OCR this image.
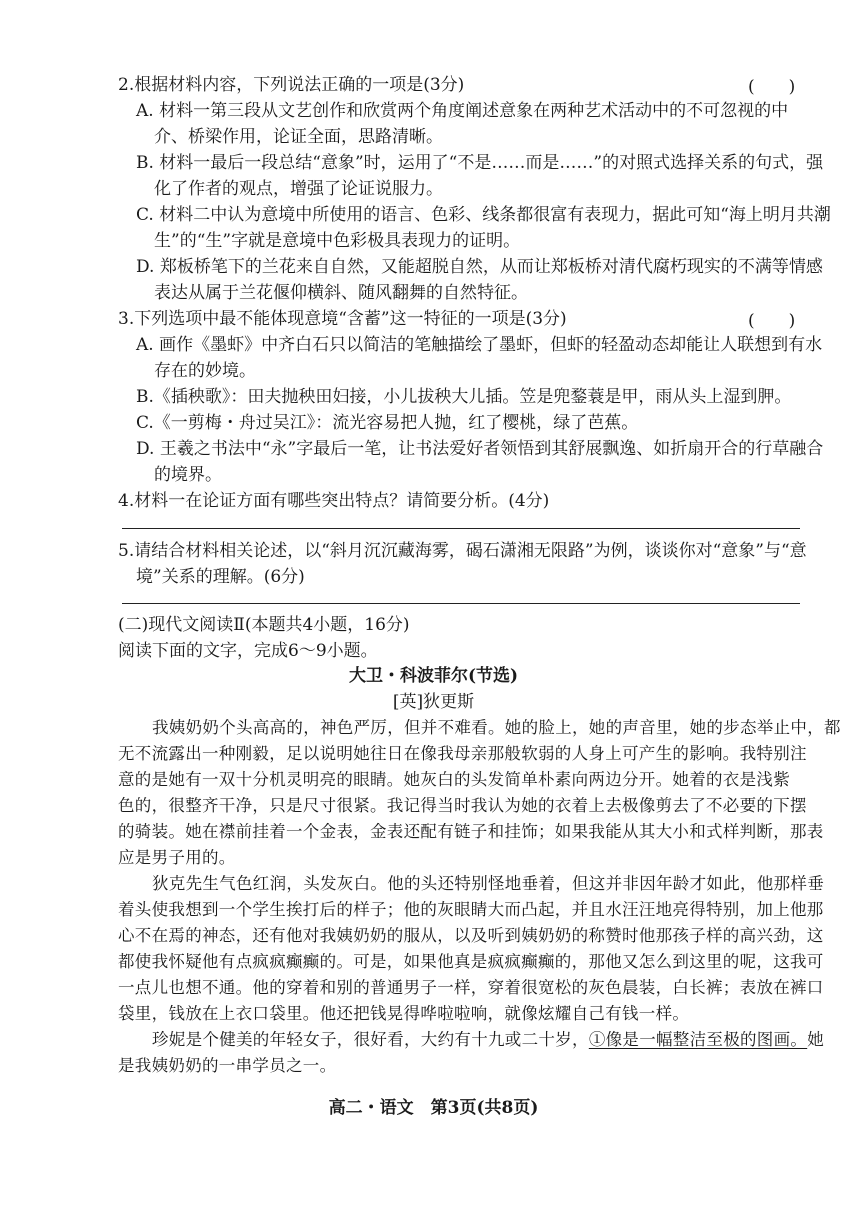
2.根据材料内容，下列说法正确的一项是(3分)	(　　)
A. 材料一第三段从文艺创作和欣赏两个角度阐述意象在两种艺术活动中的不可忽视的中
介、桥梁作用，论证全面，思路清晰。
B. 材料一最后一段总结“意象”时，运用了“不是……而是……”的对照式选择关系的句式，强
化了作者的观点，增强了论证说服力。
C. 材料二中认为意境中所使用的语言、色彩、线条都很富有表现力，据此可知“海上明月共潮
生”的“生”字就是意境中色彩极具表现力的证明。
D. 郑板桥笔下的兰花来自自然，又能超脱自然，从而让郑板桥对清代腐朽现实的不满等情感
表达从属于兰花偃仰横斜、随风翻舞的自然特征。
3.下列选项中最不能体现意境“含蓄”这一特征的一项是(3分)	(　　)
A. 画作《墨虾》中齐白石只以简洁的笔触描绘了墨虾，但虾的轻盈动态却能让人联想到有水
存在的妙境。
B.《插秧歌》：田夫抛秧田妇接，小儿拔秧大儿插。笠是兜鍪蓑是甲，雨从头上湿到胛。
C.《一剪梅・舟过吴江》：流光容易把人抛，红了樱桃，绿了芭蕉。
D. 王羲之书法中“永”字最后一笔，让书法爱好者领悟到其舒展飘逸、如折扇开合的行草融合
的境界。
4.材料一在论证方面有哪些突出特点？请简要分析。(4分)
5.请结合材料相关论述，以“斜月沉沉藏海雾，碣石潇湘无限路”为例，谈谈你对“意象”与“意
境”关系的理解。(6分)
(二)现代文阅读Ⅱ(本题共4小题，16分)
阅读下面的文字，完成6～9小题。
大卫・科波菲尔(节选)
[英]狄更斯
我姨奶奶个头高高的，神色严厉，但并不难看。她的脸上，她的声音里，她的步态举止中，都
无不流露出一种刚毅，足以说明她往日在像我母亲那般软弱的人身上可产生的影响。我特别注
意的是她有一双十分机灵明亮的眼睛。她灰白的头发简单朴素向两边分开。她着的衣是浅紫
色的，很整齐干净，只是尺寸很紧。我记得当时我认为她的衣着上去极像剪去了不必要的下摆
的骑装。她在襟前挂着一个金表，金表还配有链子和挂饰；如果我能从其大小和式样判断，那表
应是男子用的。
狄克先生气色红润，头发灰白。他的头还特别怪地垂着，但这并非因年龄才如此，他那样垂
着头使我想到一个学生挨打后的样子；他的灰眼睛大而凸起，并且水汪汪地亮得特别，加上他那
心不在焉的神态，还有他对我姨奶奶的服从，以及听到姨奶奶的称赞时他那孩子样的高兴劲，这
都使我怀疑他有点疯疯癫癫的。可是，如果他真是疯疯癫癫的，那他又怎么到这里的呢，这我可
一点儿也想不通。他的穿着和别的普通男子一样，穿着很宽松的灰色晨装，白长裤；表放在裤口
袋里，钱放在上衣口袋里。他还把钱晃得哗啦啦响，就像炫耀自己有钱一样。
珍妮是个健美的年轻女子，很好看，大约有十九或二十岁，①像是一幅整洁至极的图画。她
是我姨奶奶的一串学员之一。
高二・语文　第3页(共8页)
